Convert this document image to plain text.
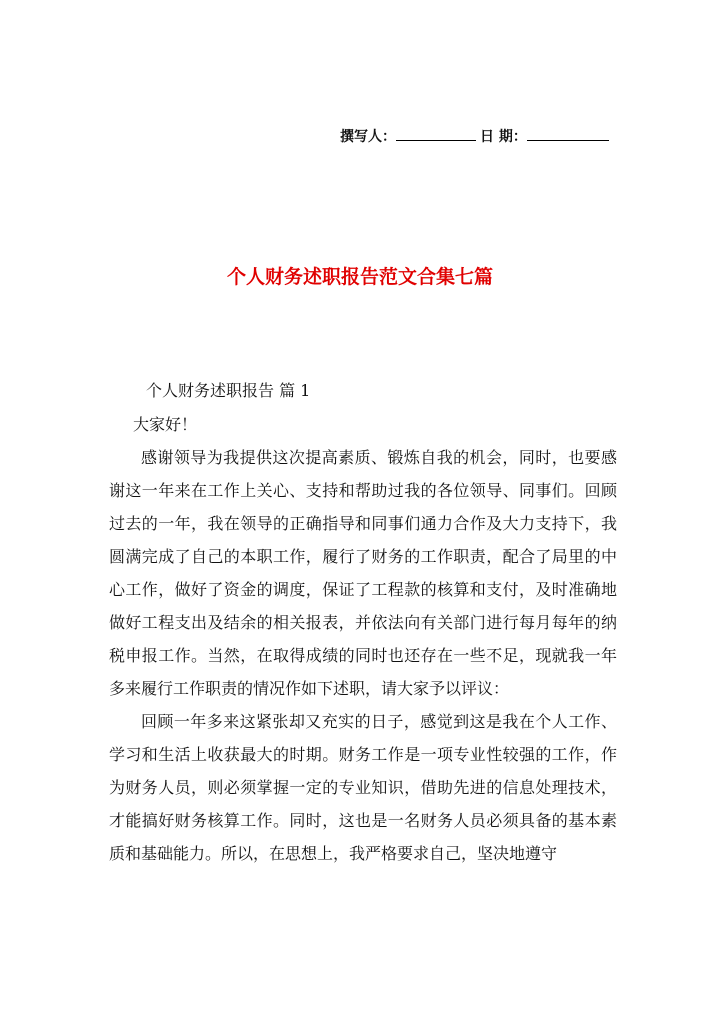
撰写人：	日 期：
个人财务述职报告范文合集七篇
个人财务述职报告 篇 1

大家好！

感谢领导为我提供这次提高素质、锻炼自我的机会，同时，也要感谢这一年来在工作上关心、支持和帮助过我的各位领导、同事们。回顾过去的一年，我在领导的正确指导和同事们通力合作及大力支持下，我圆满完成了自己的本职工作，履行了财务的工作职责，配合了局里的中心工作，做好了资金的调度，保证了工程款的核算和支付，及时准确地做好工程支出及结余的相关报表，并依法向有关部门进行每月每年的纳税申报工作。当然，在取得成绩的同时也还存在一些不足，现就我一年多来履行工作职责的情况作如下述职，请大家予以评议：

回顾一年多来这紧张却又充实的日子，感觉到这是我在个人工作、学习和生活上收获最大的时期。财务工作是一项专业性较强的工作，作为财务人员，则必须掌握一定的专业知识，借助先进的信息处理技术，才能搞好财务核算工作。同时，这也是一名财务人员必须具备的基本素质和基础能力。所以，在思想上，我严格要求自己，坚决地遵守
